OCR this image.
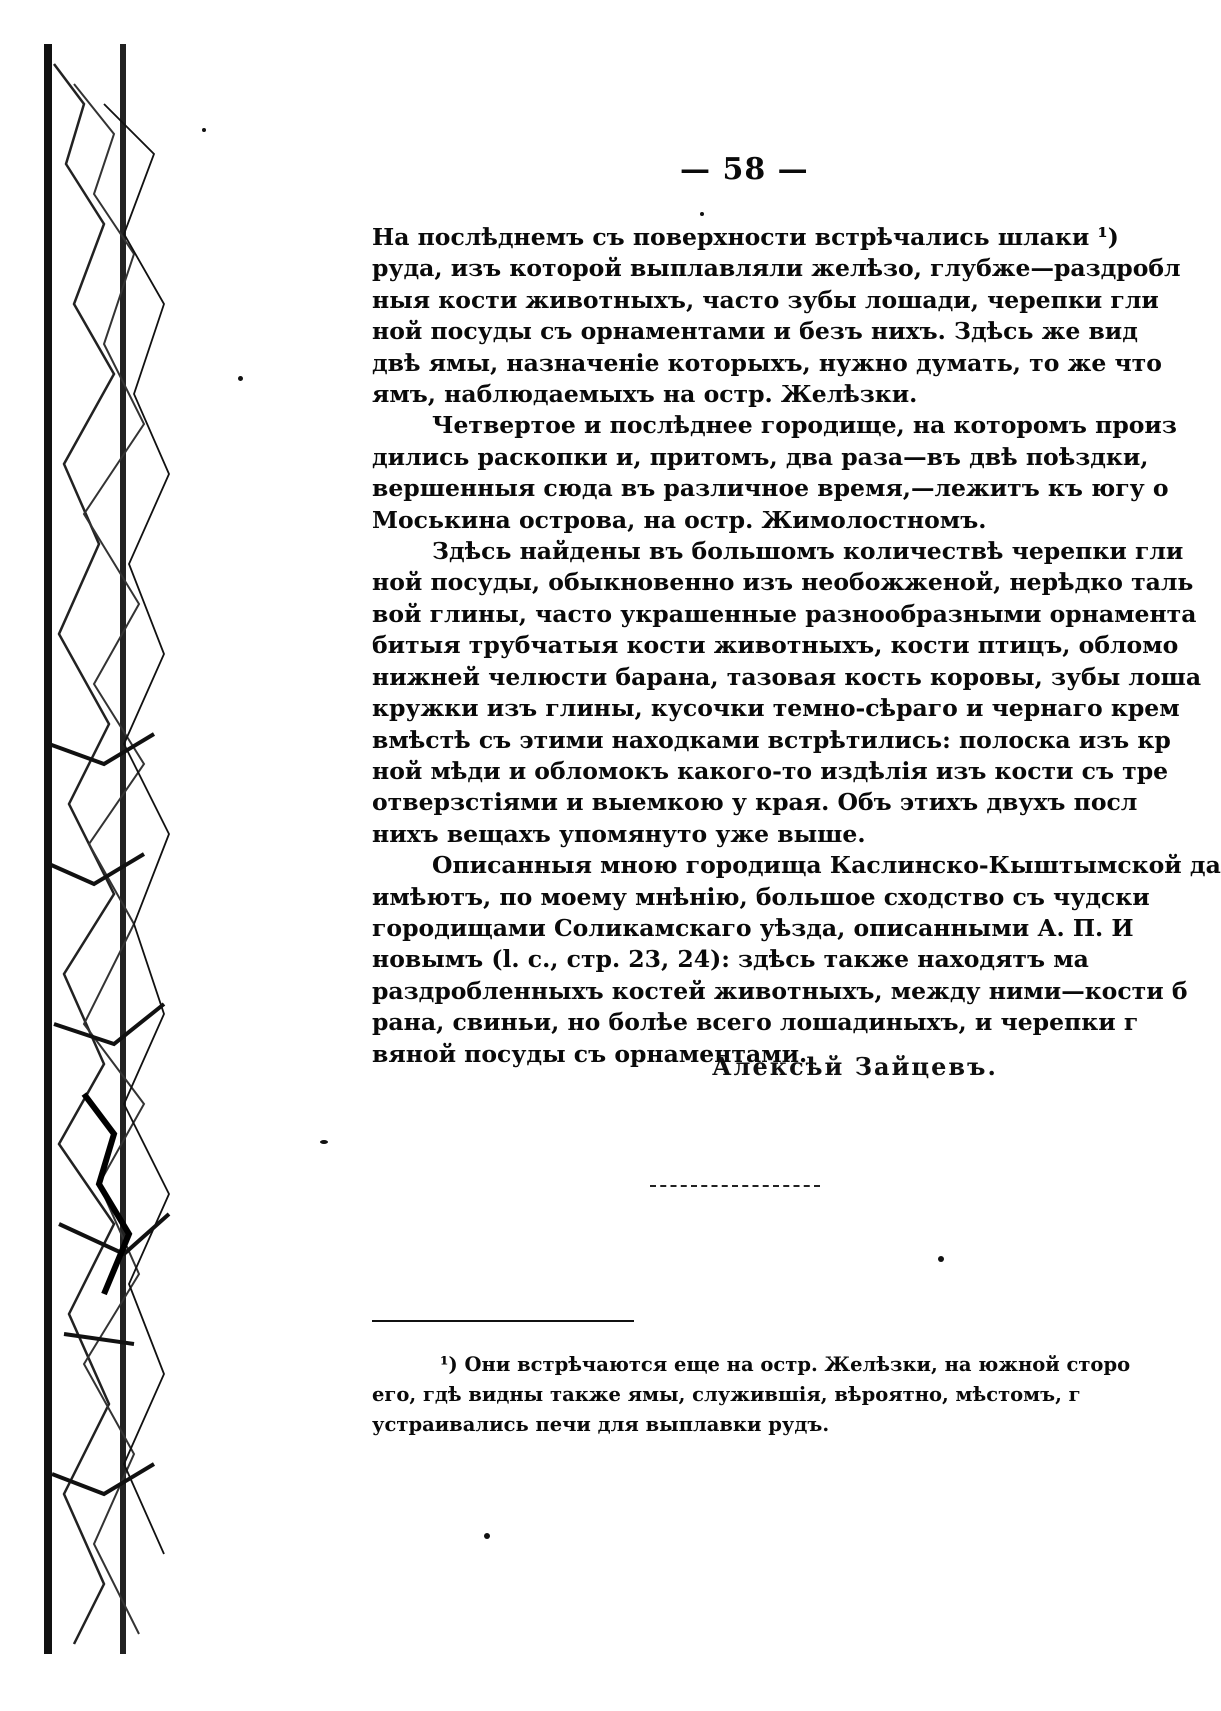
— 58 —
На послѣднемъ съ поверхности встрѣчались шлаки ¹)
руда, изъ которой выплавляли желѣзо, глубже—раздробл
ныя кости животныхъ, часто зубы лошади, черепки гли
ной посуды съ орнаментами и безъ нихъ. Здѣсь же вид
двѣ ямы, назначеніе которыхъ, нужно думать, то же что
ямъ, наблюдаемыхъ на остр. Желѣзки.
Четвертое и послѣднее городище, на которомъ произ
дились раскопки и, притомъ, два раза—въ двѣ поѣздки,
вершенныя сюда въ различное время,—лежитъ къ югу о
Моськина острова, на остр. Жимолостномъ.
Здѣсь найдены въ большомъ количествѣ черепки гли
ной посуды, обыкновенно изъ необожженой, нерѣдко таль
вой глины, часто украшенные разнообразными орнамента
битыя трубчатыя кости животныхъ, кости птицъ, обломо
нижней челюсти барана, тазовая кость коровы, зубы лоша
кружки изъ глины, кусочки темно-сѣраго и чернаго крем
вмѣстѣ съ этими находками встрѣтились: полоска изъ кр
ной мѣди и обломокъ какого-то издѣлія изъ кости съ тре
отверзстіями и выемкою у края. Объ этихъ двухъ посл
нихъ вещахъ упомянуто уже выше.
Описанныя мною городища Каслинско-Кыштымской да
имѣютъ, по моему мнѣнію, большое сходство съ чудски
городищами Соликамскаго уѣзда, описанными А. П. И
новымъ (l. с., стр. 23, 24): здѣсь также находятъ ма
раздробленныхъ костей животныхъ, между ними—кости б
рана, свиньи, но болѣе всего лошадиныхъ, и черепки г
вяной посуды съ орнаментами.
Алексѣй Зайцевъ.
¹) Они встрѣчаются еще на остр. Желѣзки, на южной сторо
его, гдѣ видны также ямы, служившія, вѣроятно, мѣстомъ, г
устраивались печи для выплавки рудъ.
